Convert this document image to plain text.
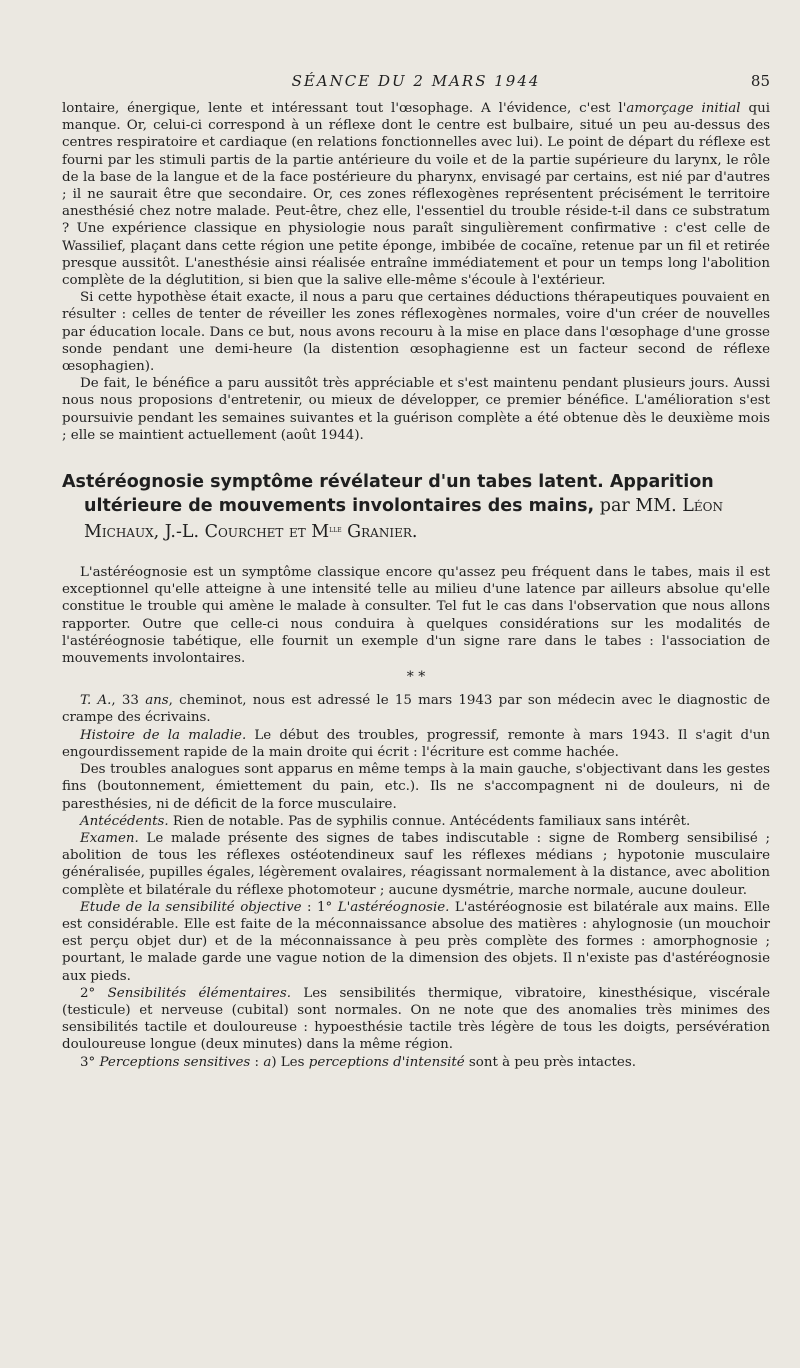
SÉANCE DU 2 MARS 1944	85

lontaire, énergique, lente et intéressant tout l'œsophage. A l'évidence, c'est l'amorçage initial qui manque. Or, celui-ci correspond à un réflexe dont le centre est bulbaire, situé un peu au-dessus des centres respiratoire et cardiaque (en relations fonctionnelles avec lui). Le point de départ du réflexe est fourni par les stimuli partis de la partie antérieure du voile et de la partie supérieure du larynx, le rôle de la base de la langue et de la face postérieure du pharynx, envisagé par certains, est nié par d'autres ; il ne saurait être que secondaire. Or, ces zones réflexogènes représentent précisément le territoire anesthésié chez notre malade. Peut-être, chez elle, l'essentiel du trouble réside-t-il dans ce substratum ? Une expérience classique en physiologie nous paraît singulièrement confirmative : c'est celle de Wassilief, plaçant dans cette région une petite éponge, imbibée de cocaïne, retenue par un fil et retirée presque aussitôt. L'anesthésie ainsi réalisée entraîne immédiatement et pour un temps long l'abolition complète de la déglutition, si bien que la salive elle-même s'écoule à l'extérieur.

Si cette hypothèse était exacte, il nous a paru que certaines déductions thérapeutiques pouvaient en résulter : celles de tenter de réveiller les zones réflexogènes normales, voire d'un créer de nouvelles par éducation locale. Dans ce but, nous avons recouru à la mise en place dans l'œsophage d'une grosse sonde pendant une demi-heure (la distention œsophagienne est un facteur second de réflexe œsophagien).

De fait, le bénéfice a paru aussitôt très appréciable et s'est maintenu pendant plusieurs jours. Aussi nous nous proposions d'entretenir, ou mieux de développer, ce premier bénéfice. L'amélioration s'est poursuivie pendant les semaines suivantes et la guérison complète a été obtenue dès le deuxième mois ; elle se maintient actuellement (août 1944).

Astéréognosie symptôme révélateur d'un tabes latent. Apparition ultérieure de mouvements involontaires des mains, par MM. Léon Michaux, J.-L. Courchet et $M^{lle}$ Granier.

L'astéréognosie est un symptôme classique encore qu'assez peu fréquent dans le tabes, mais il est exceptionnel qu'elle atteigne à une intensité telle au milieu d'une latence par ailleurs absolue qu'elle constitue le trouble qui amène le malade à consulter. Tel fut le cas dans l'observation que nous allons rapporter. Outre que celle-ci nous conduira à quelques considérations sur les modalités de l'astéréognosie tabétique, elle fournit un exemple d'un signe rare dans le tabes : l'association de mouvements involontaires.

* *

T. A., 33 ans, cheminot, nous est adressé le 15 mars 1943 par son médecin avec le diagnostic de crampe des écrivains.

Histoire de la maladie. Le début des troubles, progressif, remonte à mars 1943. Il s'agit d'un engourdissement rapide de la main droite qui écrit : l'écriture est comme hachée.

Des troubles analogues sont apparus en même temps à la main gauche, s'objectivant dans les gestes fins (boutonnement, émiettement du pain, etc.). Ils ne s'accompagnent ni de douleurs, ni de paresthésies, ni de déficit de la force musculaire.

Antécédents. Rien de notable. Pas de syphilis connue. Antécédents familiaux sans intérêt.

Examen. Le malade présente des signes de tabes indiscutable : signe de Romberg sensibilisé ; abolition de tous les réflexes ostéotendineux sauf les réflexes médians ; hypotonie musculaire généralisée, pupilles égales, légèrement ovalaires, réagissant normalement à la distance, avec abolition complète et bilatérale du réflexe photomoteur ; aucune dysmétrie, marche normale, aucune douleur.

Etude de la sensibilité objective : 1° L'astéréognosie. L'astéréognosie est bilatérale aux mains. Elle est considérable. Elle est faite de la méconnaissance absolue des matières : ahylognosie (un mouchoir est perçu objet dur) et de la méconnaissance à peu près complète des formes : amorphognosie ; pourtant, le malade garde une vague notion de la dimension des objets. Il n'existe pas d'astéréognosie aux pieds.

2° Sensibilités élémentaires. Les sensibilités thermique, vibratoire, kinesthésique, viscérale (testicule) et nerveuse (cubital) sont normales. On ne note que des anomalies très minimes des sensibilités tactile et douloureuse : hypoesthésie tactile très légère de tous les doigts, persévération douloureuse longue (deux minutes) dans la même région.

3° Perceptions sensitives : a) Les perceptions d'intensité sont à peu près intactes.
